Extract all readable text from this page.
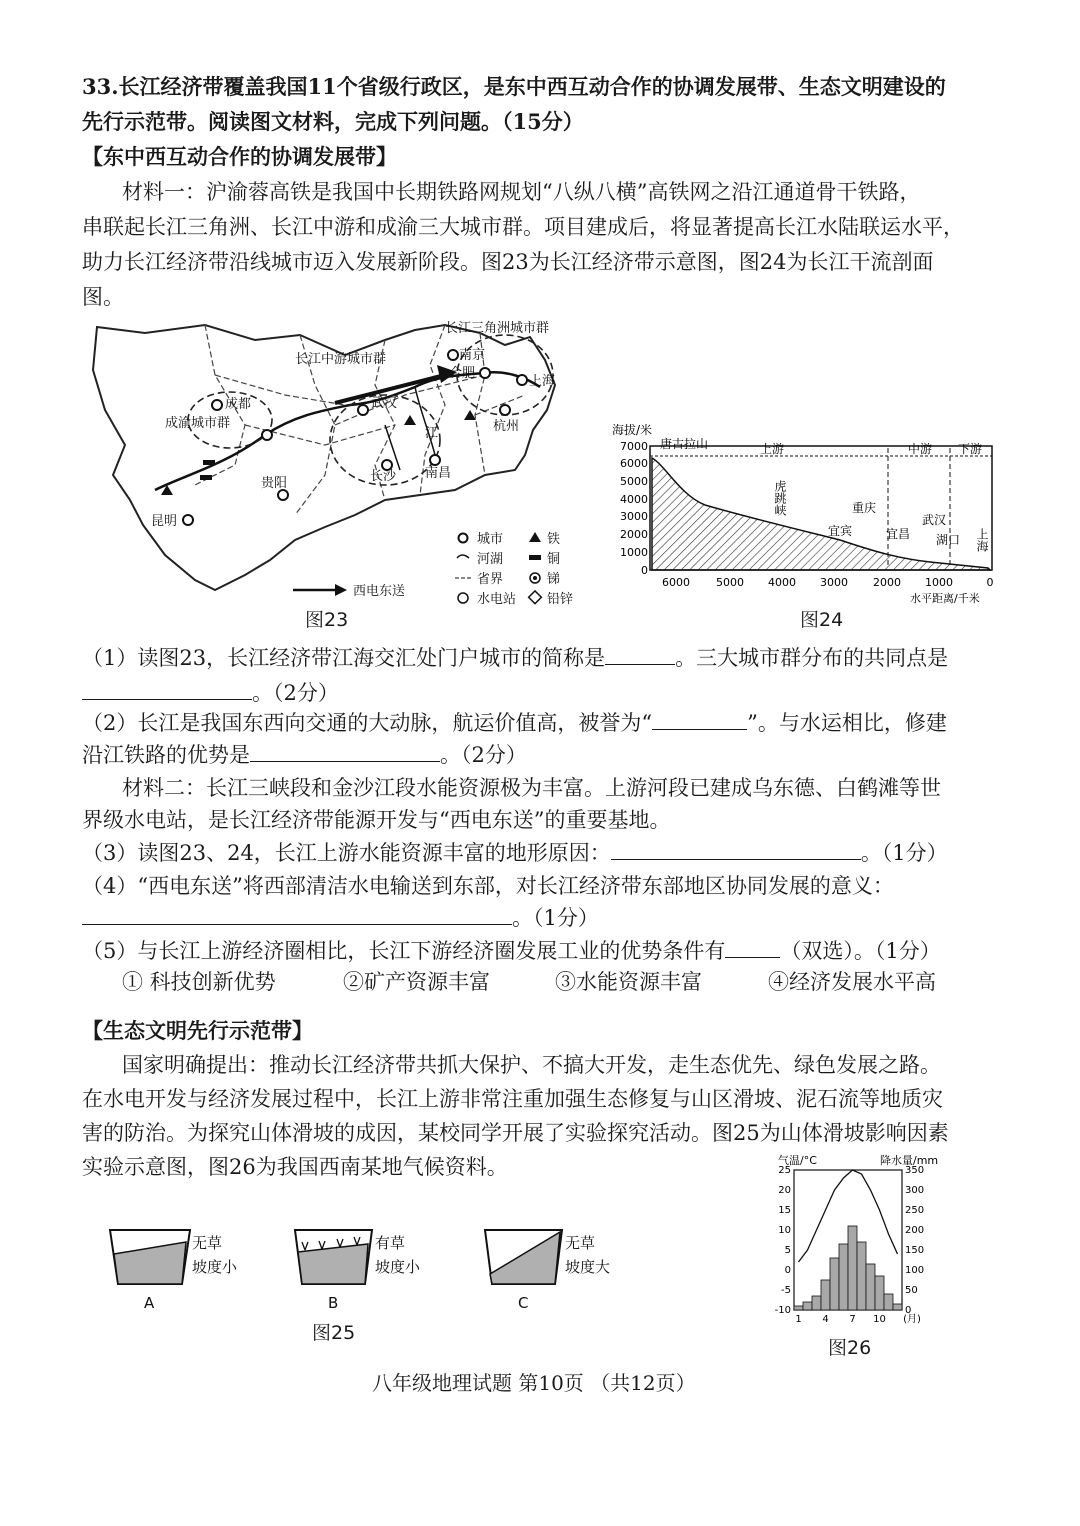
33.长江经济带覆盖我国11个省级行政区，是东中西互动合作的协调发展带、生态文明建设的
先行示范带。阅读图文材料，完成下列问题。（15分）
【东中西互动合作的协调发展带】
材料一：沪渝蓉高铁是我国中长期铁路网规划“八纵八横”高铁网之沿江通道骨干铁路，
串联起长江三角洲、长江中游和成渝三大城市群。项目建成后，将显著提高长江水陆联运水平，
助力长江经济带沿线城市迈入发展新阶段。图23为长江经济带示意图，图24为长江干流剖面
图。
长江三角洲城市群
长江中游城市群
成渝城市群
成都
南京
上海
合肥
武汉
杭州
长沙 南昌
贵阳
昆明
江
城市	铁
河湖	铜
省界	锑
水电站 铅锌
西电东送
图23
海拔/米
7000
6000
5000
4000
3000
2000
1000
0
唐古拉山	上游	中游 下游
虎跳峡
宜宾
重庆
宜昌
武汉
湖口 上海
6000 5000 4000 3000 2000 1000	0
水平距离/千米
图24
（1）读图23，长江经济带江海交汇处门户城市的简称是	。三大城市群分布的共同点是
。（2分）
（2）长江是我国东西向交通的大动脉，航运价值高，被誉为“	”。与水运相比，修建
沿江铁路的优势是	。（2分）
材料二：长江三峡段和金沙江段水能资源极为丰富。上游河段已建成乌东德、白鹤滩等世
界级水电站，是长江经济带能源开发与“西电东送”的重要基地。
（3）读图23、24，长江上游水能资源丰富的地形原因：	。（1分）
（4）“西电东送”将西部清洁水电输送到东部，对长江经济带东部地区协同发展的意义：
。（1分）
（5）与长江上游经济圈相比，长江下游经济圈发展工业的优势条件有	（双选）。（1分）
① 科技创新优势	②矿产资源丰富	③水能资源丰富	④经济发展水平高
【生态文明先行示范带】
国家明确提出：推动长江经济带共抓大保护、不搞大开发，走生态优先、绿色发展之路。
在水电开发与经济发展过程中，长江上游非常注重加强生态修复与山区滑坡、泥石流等地质灾
害的防治。为探究山体滑坡的成因，某校同学开展了实验探究活动。图25为山体滑坡影响因素
实验示意图，图26为我国西南某地气候资料。
无草
坡度小
A
有草
坡度小
B
无草
坡度大
C
图25
气温/°C	降水量/mm
25
20
15
10
5
0
-5
-10
350
300
250
200
150
100
50
0
1 4 7 10 (月)
图26
八年级地理试题 第10页 （共12页）
